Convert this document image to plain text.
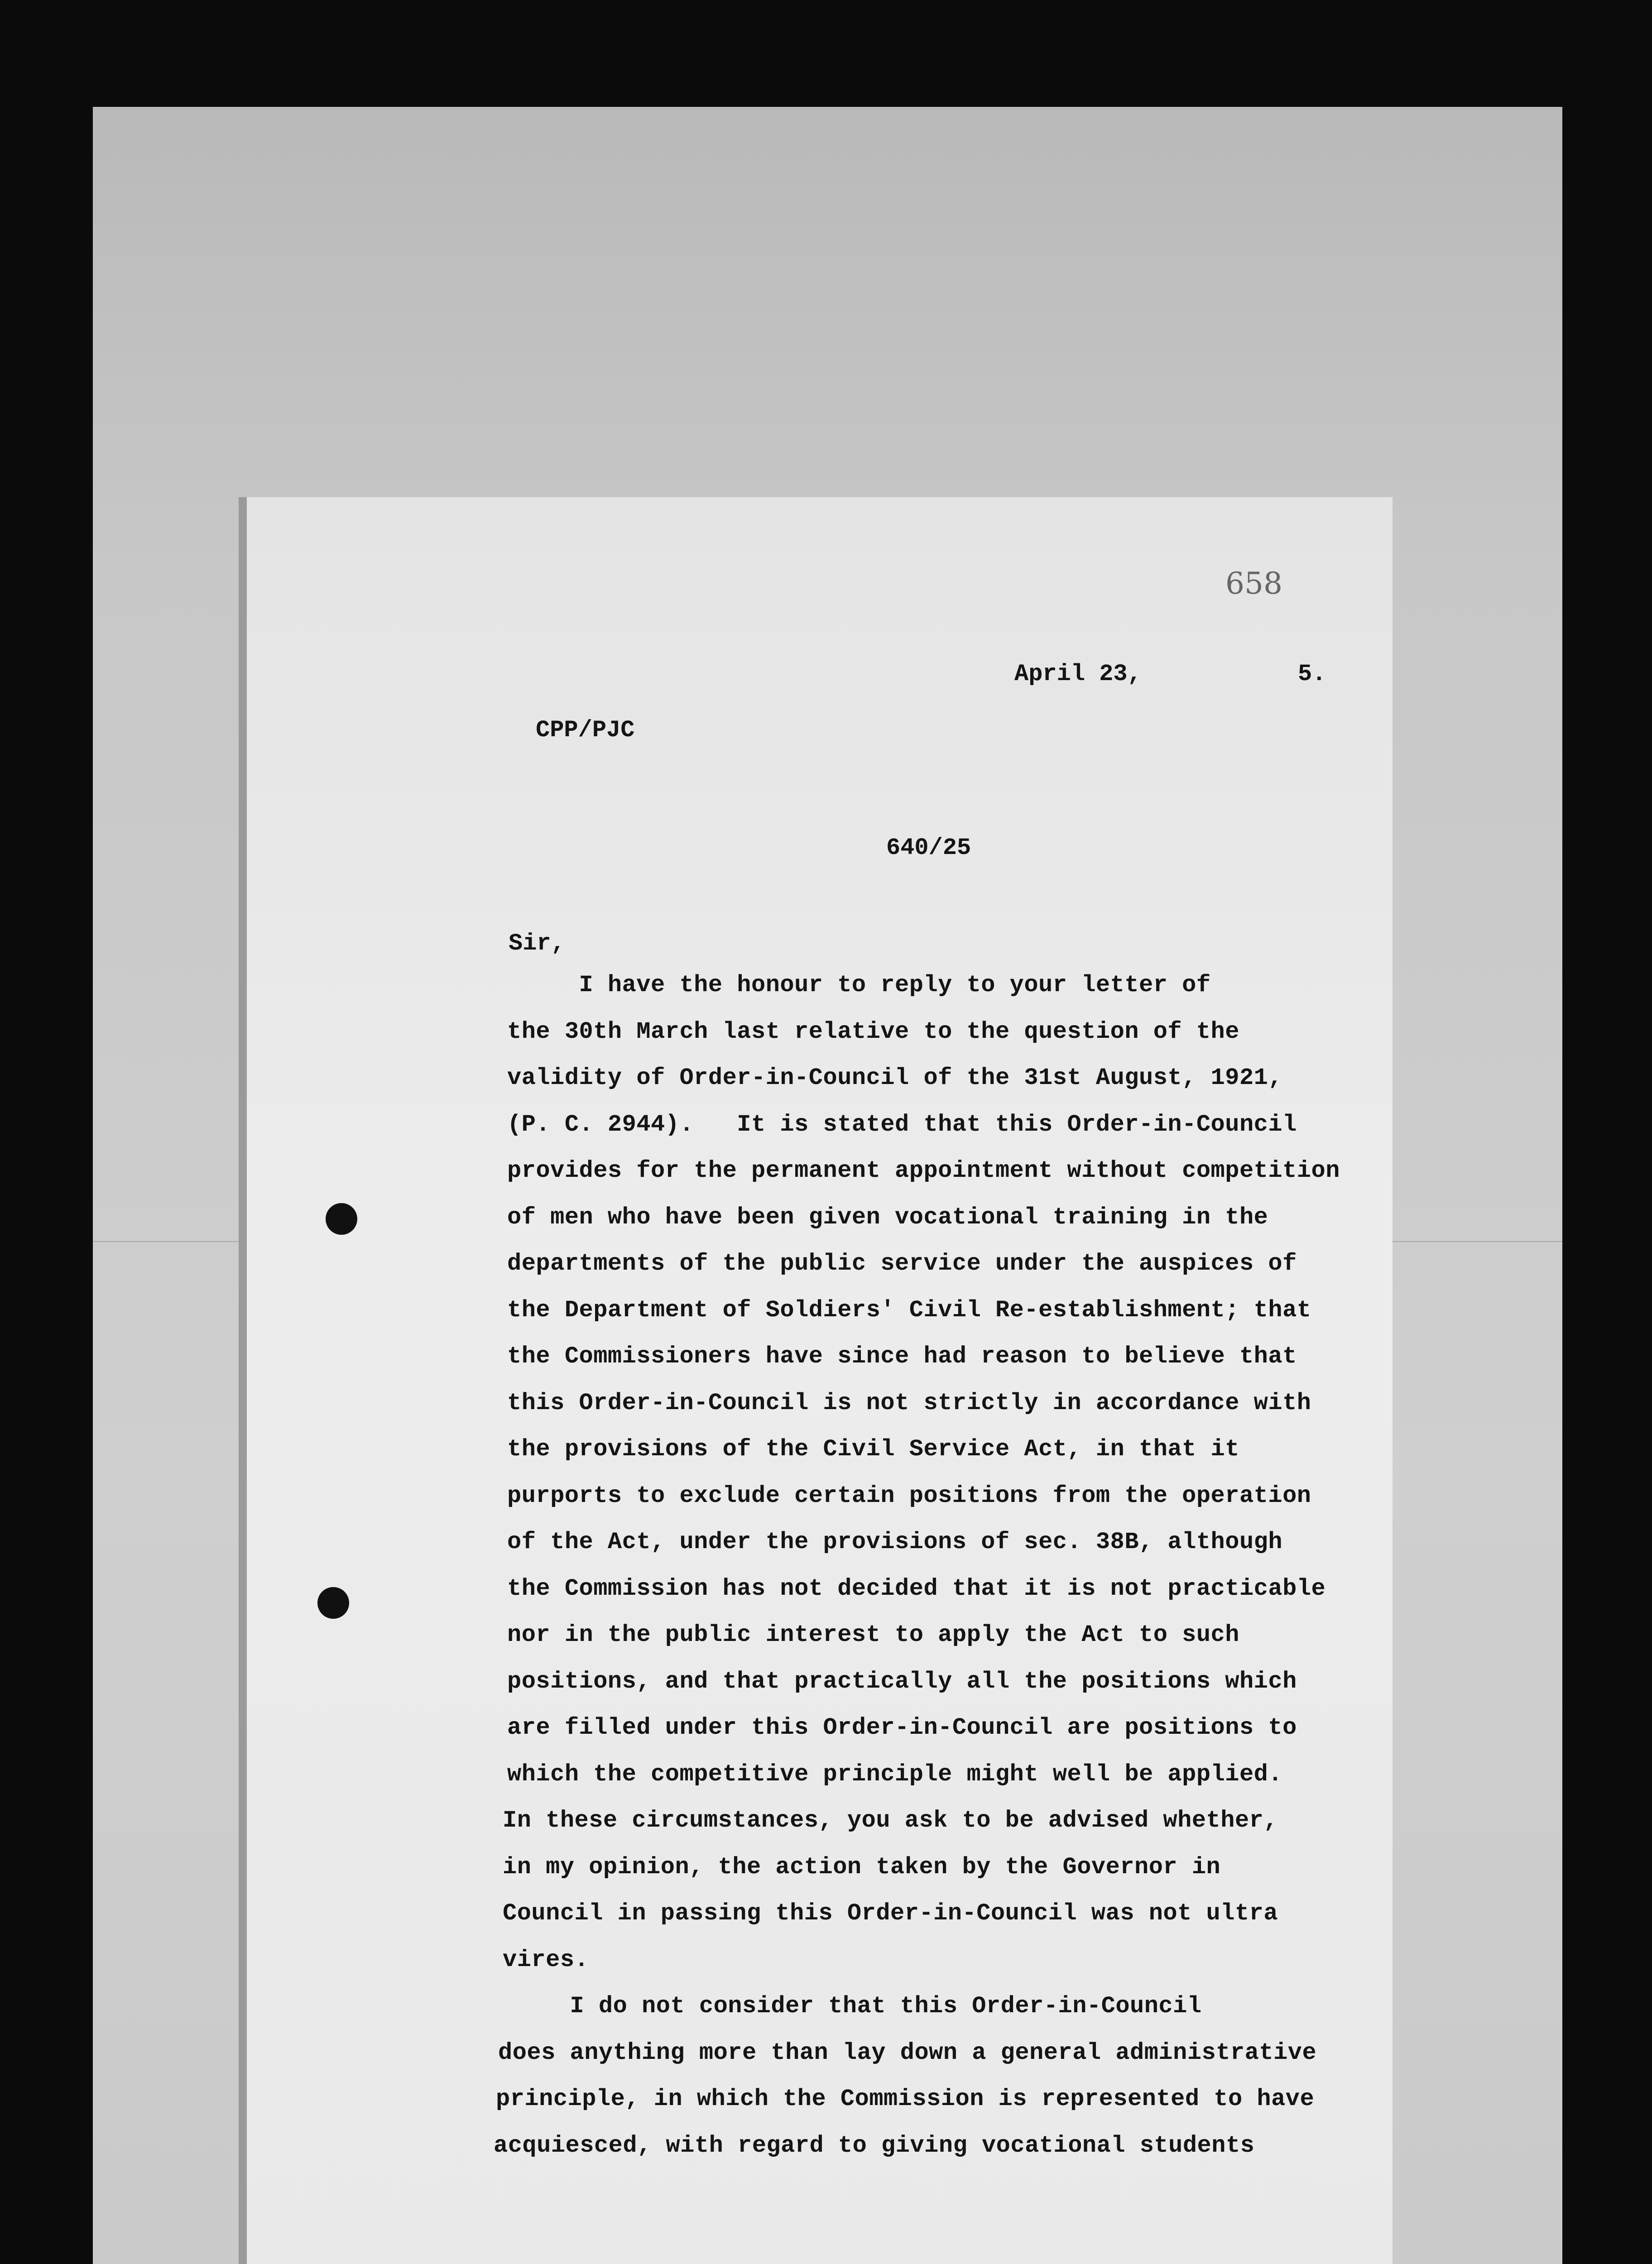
658
April 23,	5.
CPP/PJC
640/25
Sir,
I have the honour to reply to your letter of
the 30th March last relative to the question of the
validity of Order-in-Council of the 31st August, 1921,
(P. C. 2944).   It is stated that this Order-in-Council
provides for the permanent appointment without competition
of men who have been given vocational training in the
departments of the public service under the auspices of
the Department of Soldiers' Civil Re-establishment; that
the Commissioners have since had reason to believe that
this Order-in-Council is not strictly in accordance with
the provisions of the Civil Service Act, in that it
purports to exclude certain positions from the operation
of the Act, under the provisions of sec. 38B, although
the Commission has not decided that it is not practicable
nor in the public interest to apply the Act to such
positions, and that practically all the positions which
are filled under this Order-in-Council are positions to
which the competitive principle might well be applied.
In these circumstances, you ask to be advised whether,
in my opinion, the action taken by the Governor in
Council in passing this Order-in-Council was not ultra
vires.
I do not consider that this Order-in-Council
does anything more than lay down a general administrative
principle, in which the Commission is represented to have
acquiesced, with regard to giving vocational students
